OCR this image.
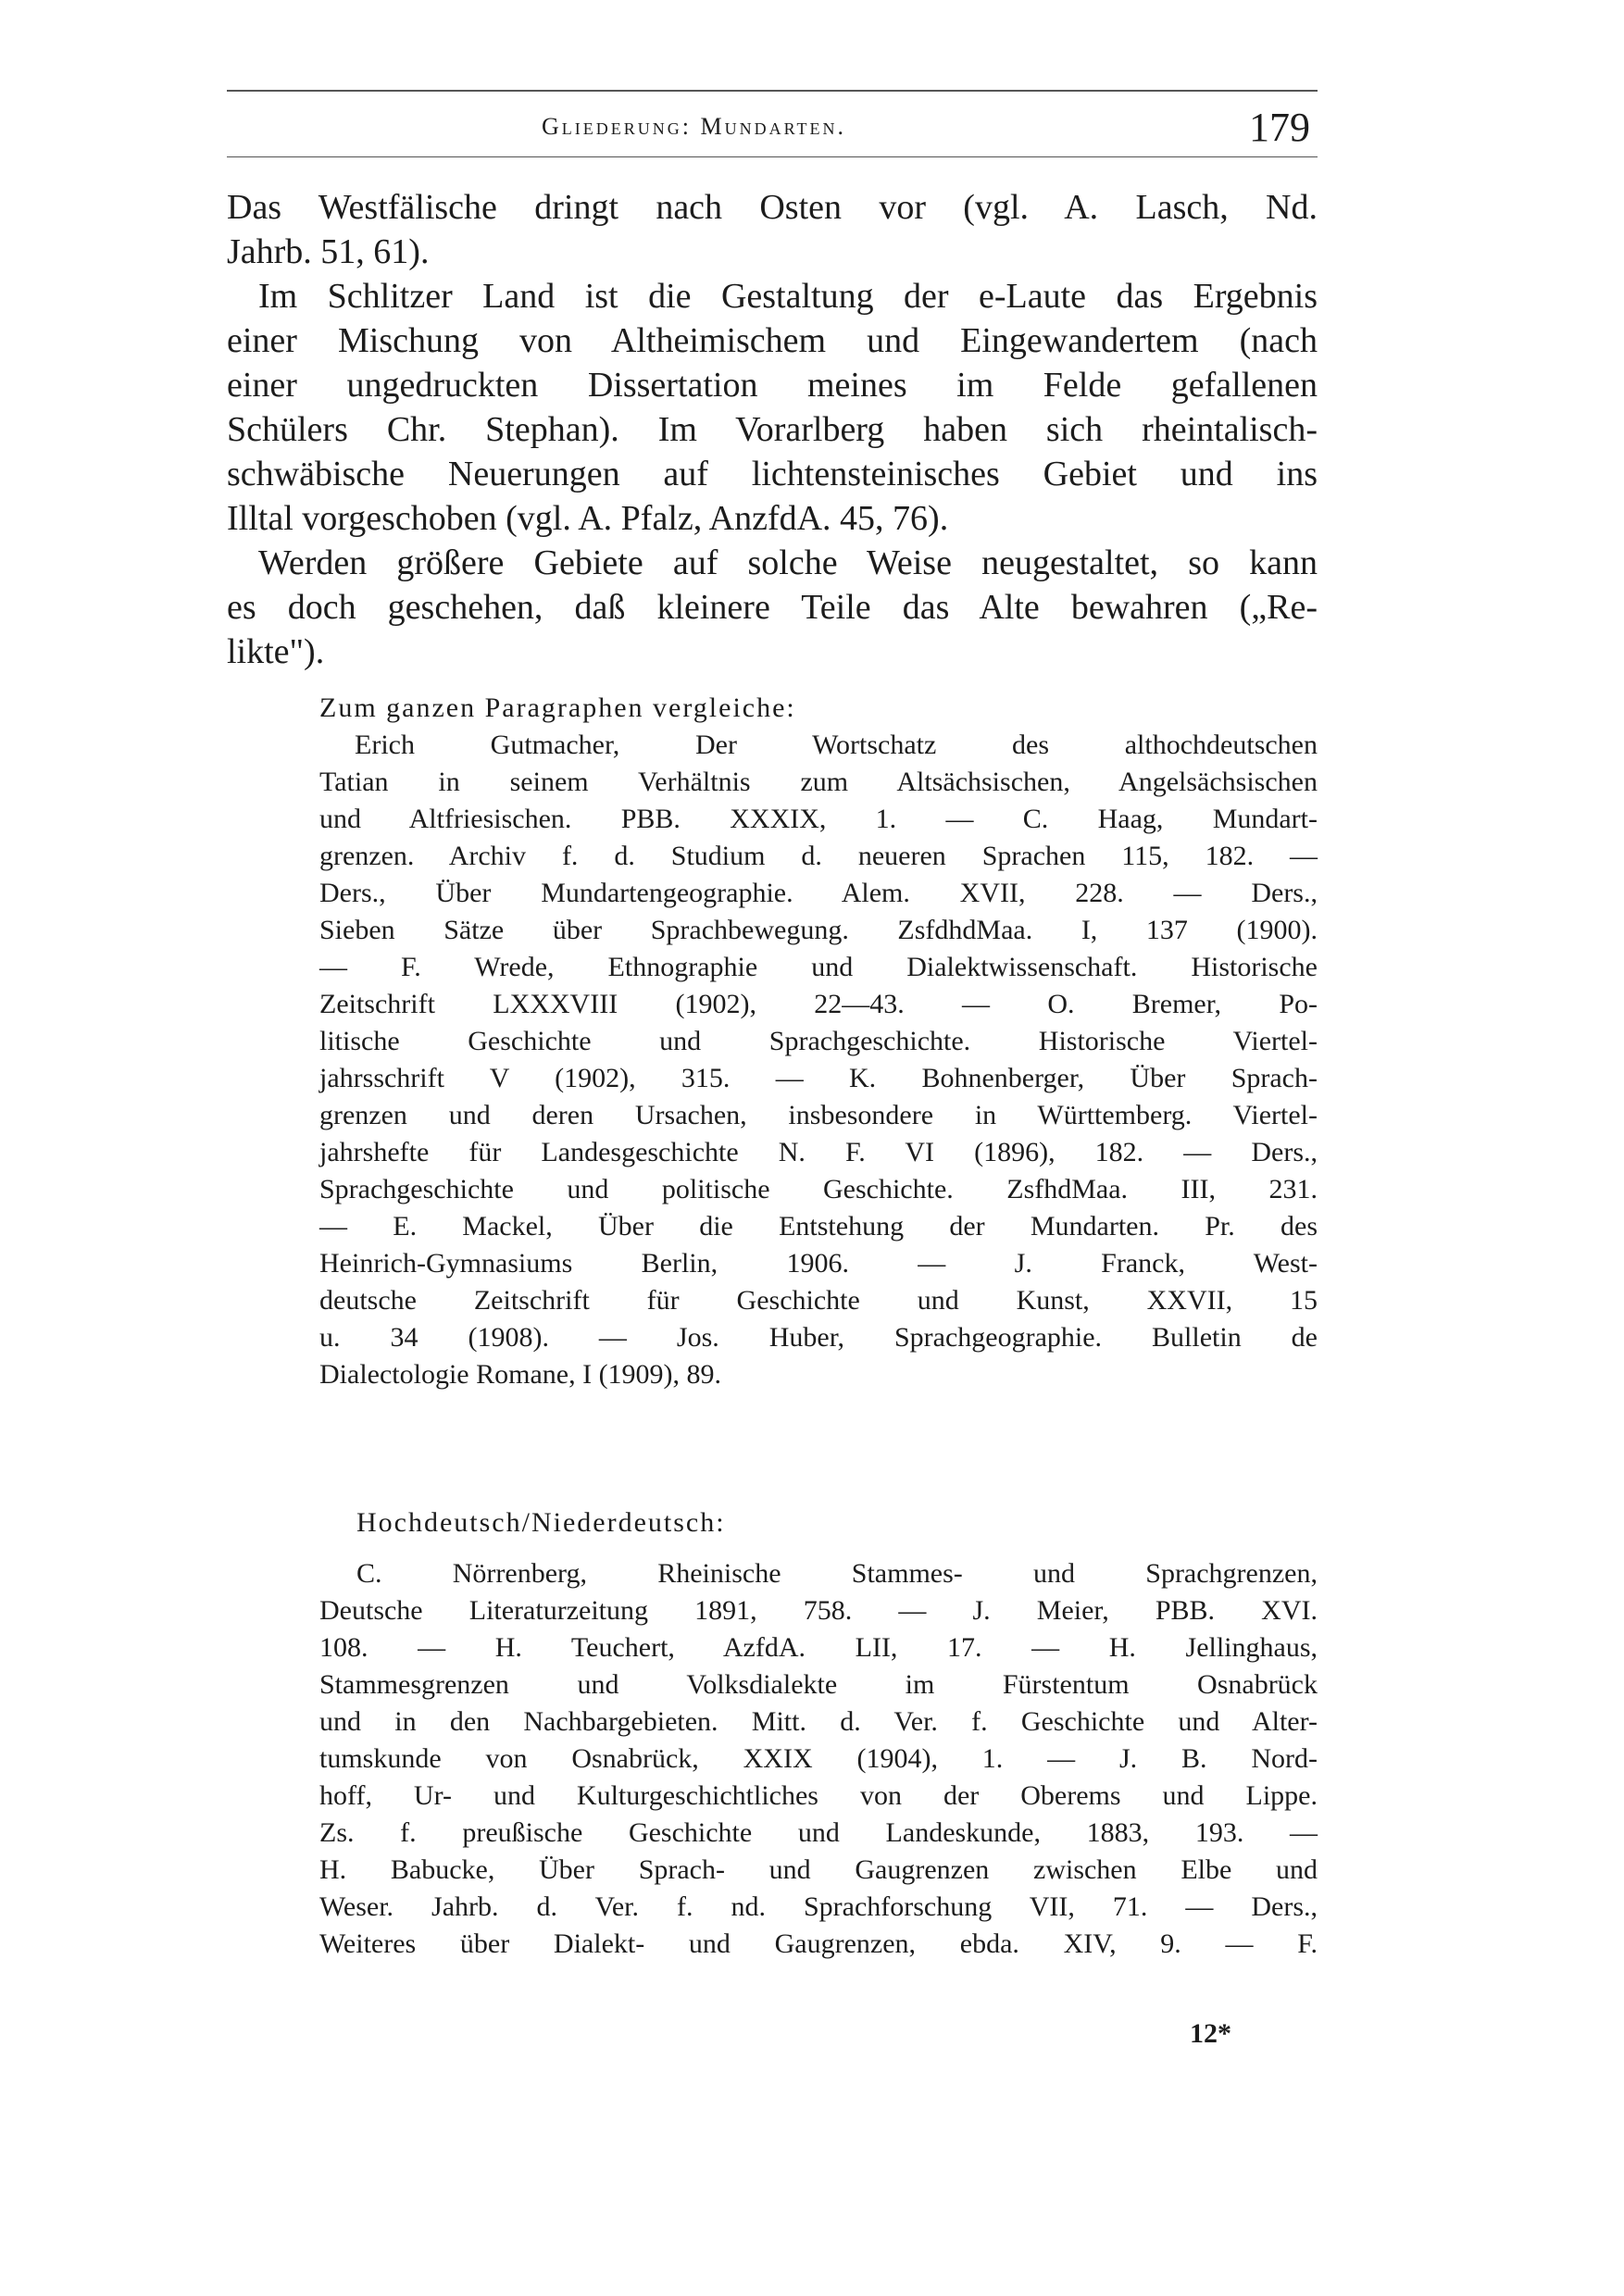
Gliederung: Mundarten.	179
Das Westfälische dringt nach Osten vor (vgl. A. Lasch, Nd.
Jahrb. 51, 61).
Im Schlitzer Land ist die Gestaltung der e-Laute das Ergebnis
einer Mischung von Altheimischem und Eingewandertem (nach
einer ungedruckten Dissertation meines im Felde gefallenen
Schülers Chr. Stephan). Im Vorarlberg haben sich rheintalisch-
schwäbische Neuerungen auf lichtensteinisches Gebiet und ins
Illtal vorgeschoben (vgl. A. Pfalz, AnzfdA. 45, 76).
Werden größere Gebiete auf solche Weise neugestaltet, so kann
es doch geschehen, daß kleinere Teile das Alte bewahren („Re-
likte").
Zum ganzen Paragraphen vergleiche:
Erich Gutmacher, Der Wortschatz des althochdeutschen
Tatian in seinem Verhältnis zum Altsächsischen, Angelsächsischen
und Altfriesischen. PBB. XXXIX, 1. — C. Haag, Mundart-
grenzen. Archiv f. d. Studium d. neueren Sprachen 115, 182. —
Ders., Über Mundartengeographie. Alem. XVII, 228. — Ders.,
Sieben Sätze über Sprachbewegung. ZsfdhdMaa. I, 137 (1900).
— F. Wrede, Ethnographie und Dialektwissenschaft. Historische
Zeitschrift LXXXVIII (1902), 22—43. — O. Bremer, Po-
litische Geschichte und Sprachgeschichte. Historische Viertel-
jahrsschrift V (1902), 315. — K. Bohnenberger, Über Sprach-
grenzen und deren Ursachen, insbesondere in Württemberg. Viertel-
jahrshefte für Landesgeschichte N. F. VI (1896), 182. — Ders.,
Sprachgeschichte und politische Geschichte. ZsfhdMaa. III, 231.
— E. Mackel, Über die Entstehung der Mundarten. Pr. des
Heinrich-Gymnasiums Berlin, 1906. — J. Franck, West-
deutsche Zeitschrift für Geschichte und Kunst, XXVII, 15
u. 34 (1908). — Jos. Huber, Sprachgeographie. Bulletin de
Dialectologie Romane, I (1909), 89.
Hochdeutsch/Niederdeutsch:
C. Nörrenberg, Rheinische Stammes- und Sprachgrenzen,
Deutsche Literaturzeitung 1891, 758. — J. Meier, PBB. XVI.
108. — H. Teuchert, AzfdA. LII, 17. — H. Jellinghaus,
Stammesgrenzen und Volksdialekte im Fürstentum Osnabrück
und in den Nachbargebieten. Mitt. d. Ver. f. Geschichte und Alter-
tumskunde von Osnabrück, XXIX (1904), 1. — J. B. Nord-
hoff, Ur- und Kulturgeschichtliches von der Oberems und Lippe.
Zs. f. preußische Geschichte und Landeskunde, 1883, 193. —
H. Babucke, Über Sprach- und Gaugrenzen zwischen Elbe und
Weser. Jahrb. d. Ver. f. nd. Sprachforschung VII, 71. — Ders.,
Weiteres über Dialekt- und Gaugrenzen, ebda. XIV, 9. — F.
12*
